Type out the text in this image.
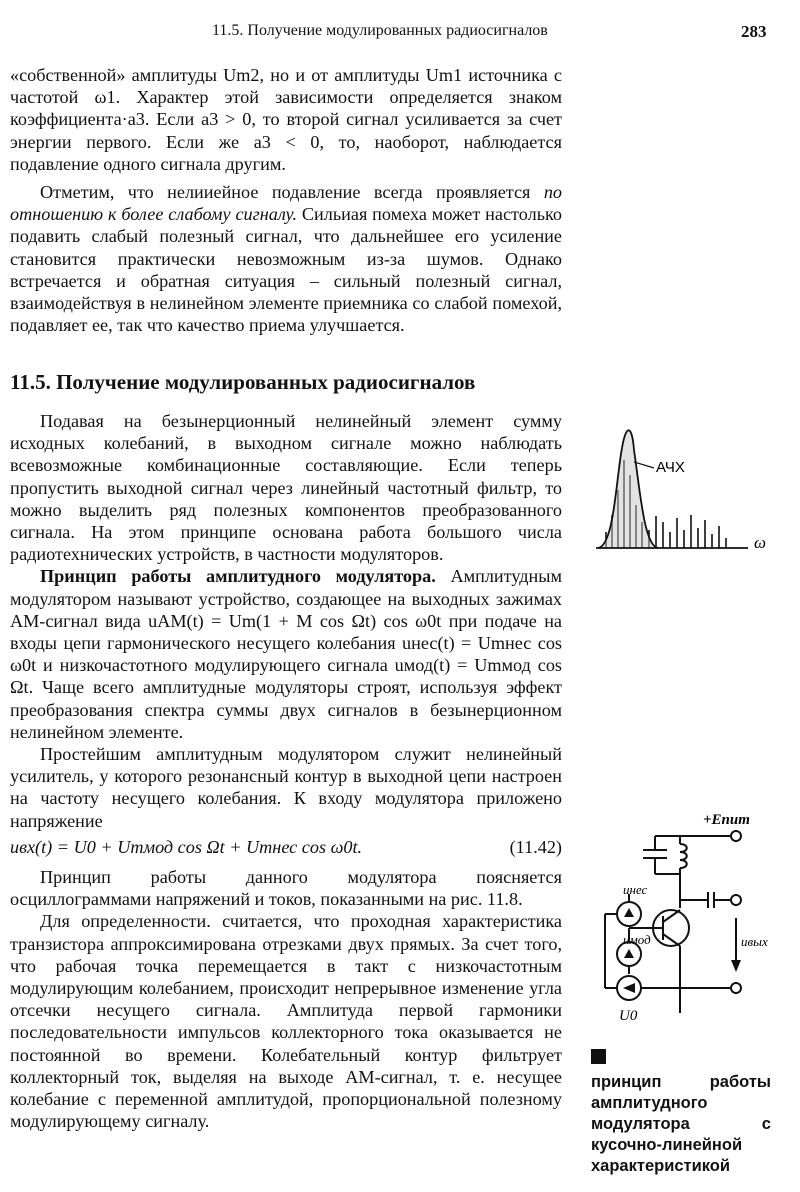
11.5. Получение модулированных радиосигналов	283

«собственной» амплитуды Um2, но и от амплитуды Um1 источника с частотой ω1. Характер этой зависимости определяется знаком коэффициента·a3. Если a3 > 0, то второй сигнал усиливается за счет энергии первого. Если же a3 < 0, то, наоборот, наблюдается подавление одного сигнала другим.

Отметим, что нелииейное подавление всегда проявляется по отношению к более слабому сигналу. Сильиая помеха может настолько подавить слабый полезный сигнал, что дальнейшее его усиление становится практически невозможным из-за шумов. Однако встречается и обратная ситуация – сильный полезный сигнал, взаимодействуя в нелинейном элементе приемника со слабой помехой, подавляет ее, так что качество приема улучшается.

11.5. Получение модулированных радиосигналов

Подавая на безынерционный нелинейный элемент сумму исходных колебаний, в выходном сигнале можно наблюдать всевозможные комбинационные составляющие. Если теперь пропустить выходной сигнал через линейный частотный фильтр, то можно выделить ряд полезных компонентов преобразованного сигнала. На этом принципе основана работа большого числа радиотехнических устройств, в частности модуляторов.

Принцип работы амплитудного модулятора. Амплитудным модулятором называют устройство, создающее на выходных зажимах АМ-сигнал вида uАМ(t) = Um(1 + M cos Ωt) cos ω0t при подаче на входы цепи гармонического несущего колебания uнес(t) = Umнес cos ω0t и низкочастотного модулирующего сигнала uмод(t) = Umмод cos Ωt. Чаще всего амплитудные модуляторы строят, используя эффект преобразования спектра суммы двух сигналов в безынерционном нелинейном элементе.

Простейшим амплитудным модулятором служит нелинейный усилитель, у которого резонансный контур в выходной цепи настроен на частоту несущего колебания. К входу модулятора приложено напряжение

uвх(t) = U0 + Umмод cos Ωt + Umнес cos ω0t.	(11.42)

Принцип работы данного модулятора поясняется осциллограммами напряжений и токов, показанными на рис. 11.8.

Для определенности. считается, что проходная характеристика транзистора аппроксимирована отрезками двух прямых. За счет того, что рабочая точка перемещается в такт с низкочастотным модулирующим колебанием, происходит непрерывное изменение угла отсечки несущего сигнала. Амплитуда первой гармоники последовательности импульсов коллекторного тока оказывается не постоянной во времени. Колебательный контур фильтрует коллекторный ток, выделяя на выходе АМ-сигнал, т. е. несущее колебание с переменной амплитудой, пропорциональной полезному модулирующему сигналу.

АЧХ
ω
+Eпит
uнес
uмод
U0
uвых
принцип работы амплитудного модулятора с кусочно-линейной характеристикой
